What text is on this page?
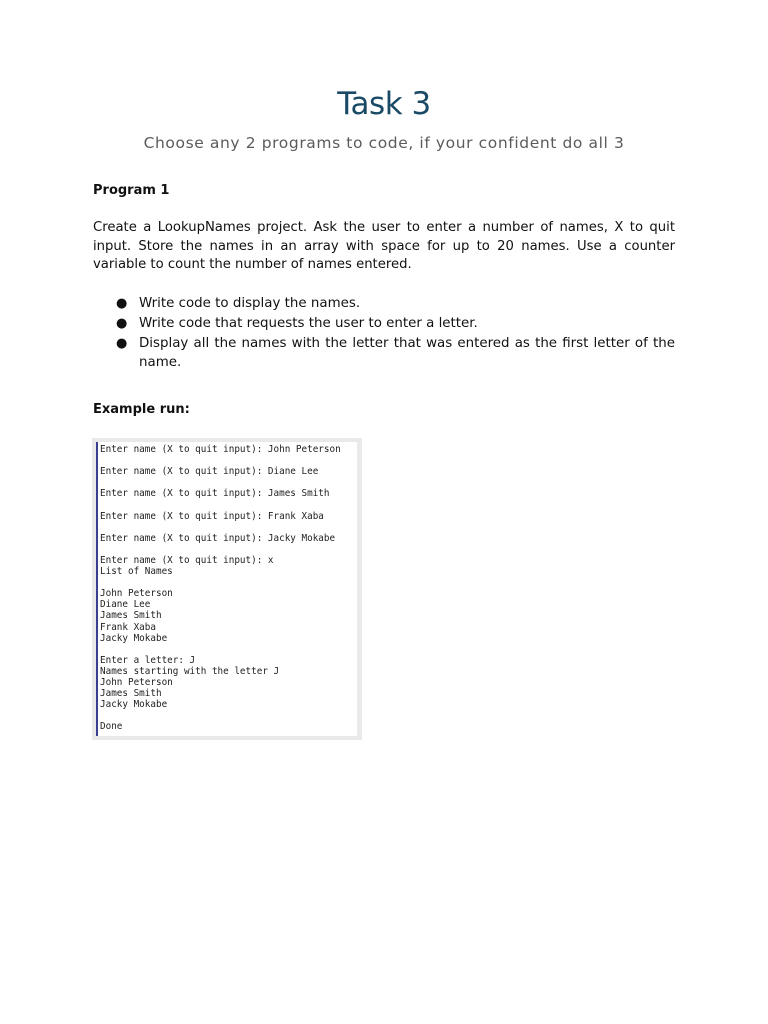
Task 3
Choose any 2 programs to code, if your confident do all 3
Program 1
Create a LookupNames project. Ask the user to enter a number of names, X to quit input. Store the names in an array with space for up to 20 names. Use a counter variable to count the number of names entered.
● Write code to display the names.
● Write code that requests the user to enter a letter.
● Display all the names with the letter that was entered as the first letter of the name.
Example run:
Enter name (X to quit input): John Peterson
Enter name (X to quit input): Diane Lee
Enter name (X to quit input): James Smith
Enter name (X to quit input): Frank Xaba
Enter name (X to quit input): Jacky Mokabe
Enter name (X to quit input): x
List of Names
John Peterson
Diane Lee
James Smith
Frank Xaba
Jacky Mokabe
Enter a letter: J
Names starting with the letter J
John Peterson
James Smith
Jacky Mokabe
Done
